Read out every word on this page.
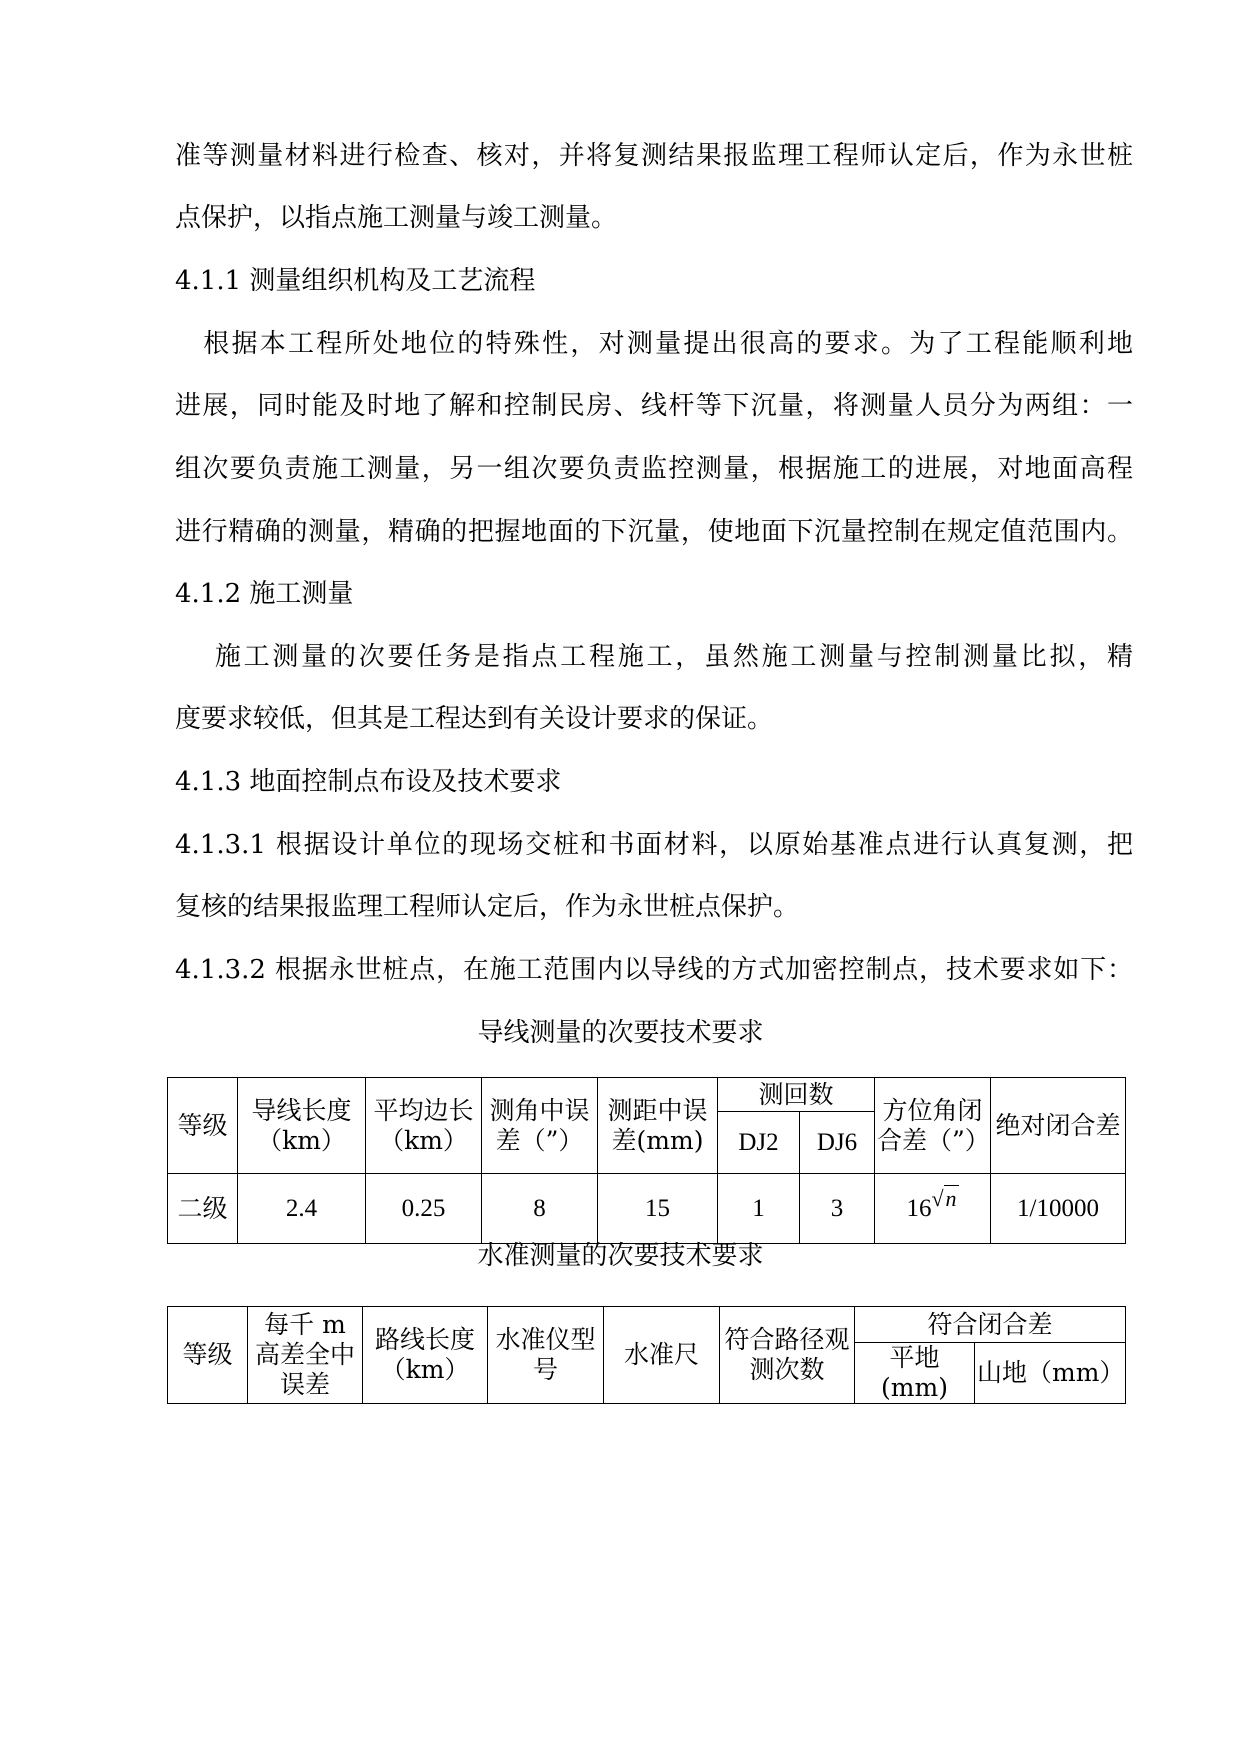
准等测量材料进行检查、核对，并将复测结果报监理工程师认定后，作为永世桩
点保护，以指点施工测量与竣工测量。
4.1.1 测量组织机构及工艺流程
　根据本工程所处地位的特殊性，对测量提出很高的要求。为了工程能顺利地
进展，同时能及时地了解和控制民房、线杆等下沉量，将测量人员分为两组：一
组次要负责施工测量，另一组次要负责监控测量，根据施工的进展，对地面高程
进行精确的测量，精确的把握地面的下沉量，使地面下沉量控制在规定值范围内。
4.1.2 施工测量
　 施工测量的次要任务是指点工程施工，虽然施工测量与控制测量比拟，精
度要求较低，但其是工程达到有关设计要求的保证。
4.1.3 地面控制点布设及技术要求
4.1.3.1 根据设计单位的现场交桩和书面材料，以原始基准点进行认真复测，把
复核的结果报监理工程师认定后，作为永世桩点保护。
4.1.3.2 根据永世桩点，在施工范围内以导线的方式加密控制点，技术要求如下：
导线测量的次要技术要求
等级	导线长度（km）	平均边长（km）	测角中误差（”）	测距中误差(mm)	测回数		方位角闭合差（”）	绝对闭合差
					DJ2	DJ6		
二级	2.4	0.25	8	15	1	3	16√n	1/10000
水准测量的次要技术要求
等级	每千 m 高差全中误差	路线长度（km）	水准仪型号	水准尺	符合路径观测次数	符合闭合差	
						平地(mm)	山地（mm）
